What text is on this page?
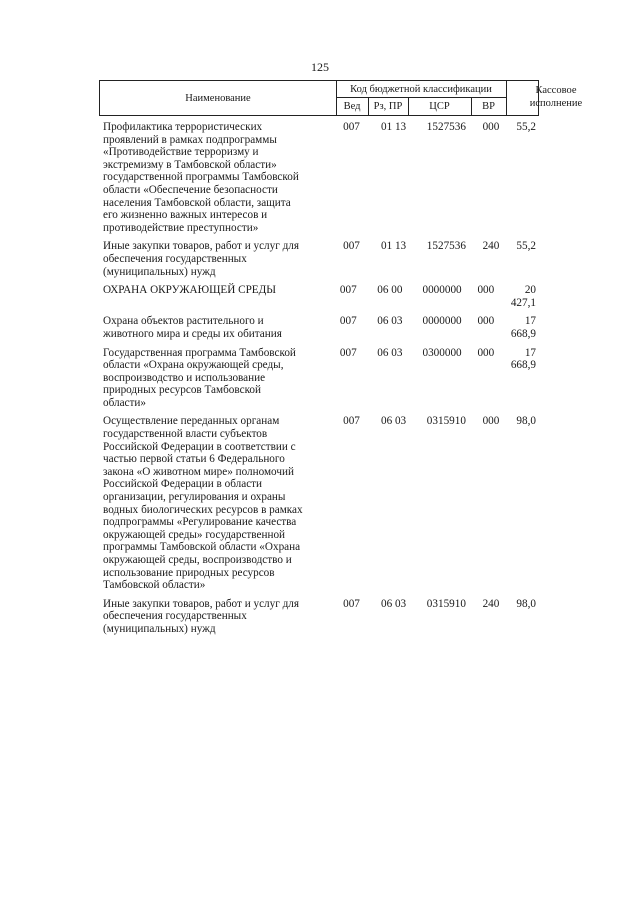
125
Наименование
Код бюджетной классификации
Вед	Рз, ПР	ЦСР	ВР
Кассовое
исполнение
Профилактика террористических
проявлений в рамках подпрограммы
«Противодействие терроризму и
экстремизму в Тамбовской области»
государственной программы Тамбовской
области «Обеспечение безопасности
населения Тамбовской области, защита
его жизненно важных интересов и
противодействие преступности»
007	01 13	1527536	000	55,2
Иные закупки товаров, работ и услуг для
обеспечения государственных
(муниципальных) нужд
007	01 13	1527536	240	55,2
ОХРАНА ОКРУЖАЮЩЕЙ СРЕДЫ	007	06 00	0000000	000	20 427,1
Охрана объектов растительного и
животного мира и среды их обитания
007	06 03	0000000	000	17 668,9
Государственная программа Тамбовской
области «Охрана окружающей среды,
воспроизводство и использование
природных ресурсов Тамбовской
области»
007	06 03	0300000	000	17 668,9
Осуществление переданных органам
государственной власти субъектов
Российской Федерации в соответствии с
частью первой статьи 6 Федерального
закона «О животном мире» полномочий
Российской Федерации в области
организации, регулирования и охраны
водных биологических ресурсов в рамках
подпрограммы «Регулирование качества
окружающей среды» государственной
программы Тамбовской области «Охрана
окружающей среды, воспроизводство и
использование природных ресурсов
Тамбовской области»
007	06 03	0315910	000	98,0
Иные закупки товаров, работ и услуг для
обеспечения государственных
(муниципальных) нужд
007	06 03	0315910	240	98,0
